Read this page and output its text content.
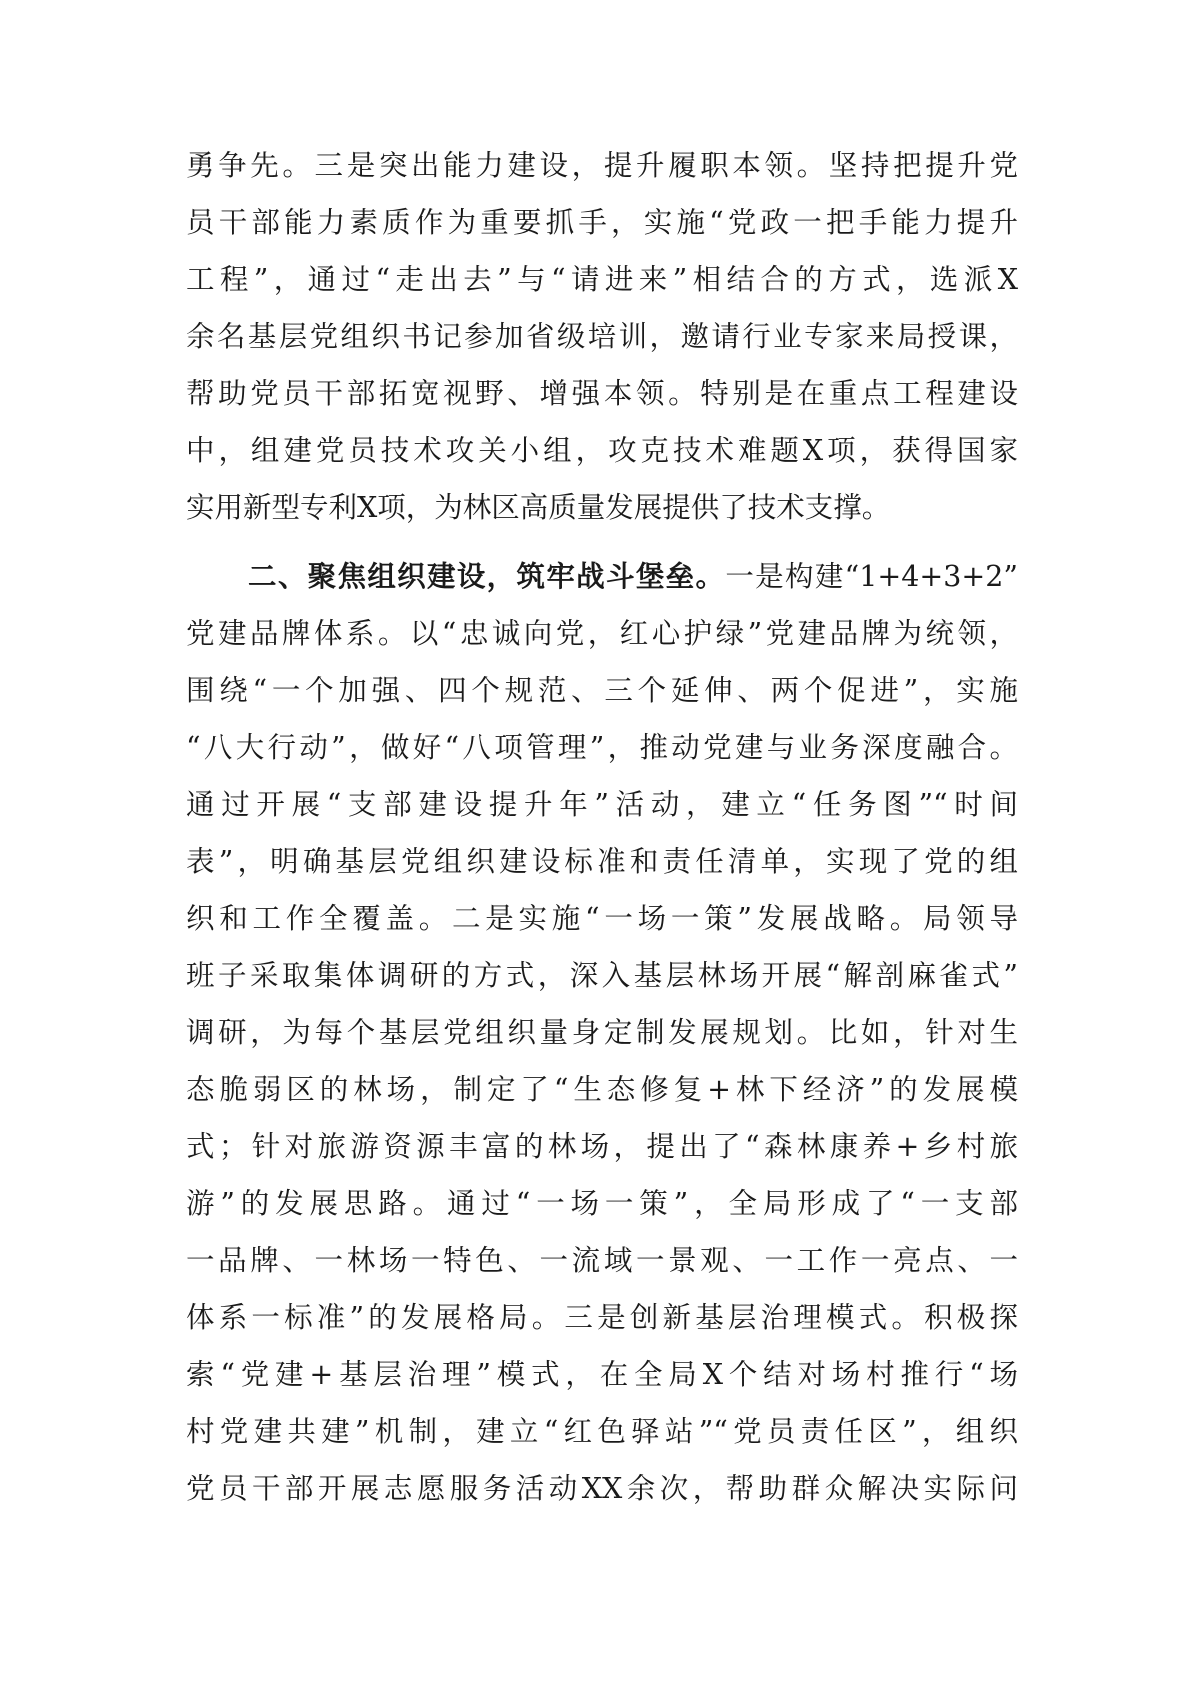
勇争先。三是突出能力建设，提升履职本领。坚持把提升党
员干部能力素质作为重要抓手，实施“党政一把手能力提升
工程”，通过“走出去”与“请进来”相结合的方式，选派X
余名基层党组织书记参加省级培训，邀请行业专家来局授课，
帮助党员干部拓宽视野、增强本领。特别是在重点工程建设
中，组建党员技术攻关小组，攻克技术难题X项，获得国家
实用新型专利X项，为林区高质量发展提供了技术支撑。
二、聚焦组织建设，筑牢战斗堡垒。一是构建“1+4+3+2”
党建品牌体系。以“忠诚向党，红心护绿”党建品牌为统领，
围绕“一个加强、四个规范、三个延伸、两个促进”，实施
“八大行动”，做好“八项管理”，推动党建与业务深度融合。
通过开展“支部建设提升年”活动，建立“任务图”“时间
表”，明确基层党组织建设标准和责任清单，实现了党的组
织和工作全覆盖。二是实施“一场一策”发展战略。局领导
班子采取集体调研的方式，深入基层林场开展“解剖麻雀式”
调研，为每个基层党组织量身定制发展规划。比如，针对生
态脆弱区的林场，制定了“生态修复+林下经济”的发展模
式；针对旅游资源丰富的林场，提出了“森林康养+乡村旅
游”的发展思路。通过“一场一策”，全局形成了“一支部
一品牌、一林场一特色、一流域一景观、一工作一亮点、一
体系一标准”的发展格局。三是创新基层治理模式。积极探
索“党建+基层治理”模式，在全局X个结对场村推行“场
村党建共建”机制，建立“红色驿站”“党员责任区”，组织
党员干部开展志愿服务活动XX余次，帮助群众解决实际问
